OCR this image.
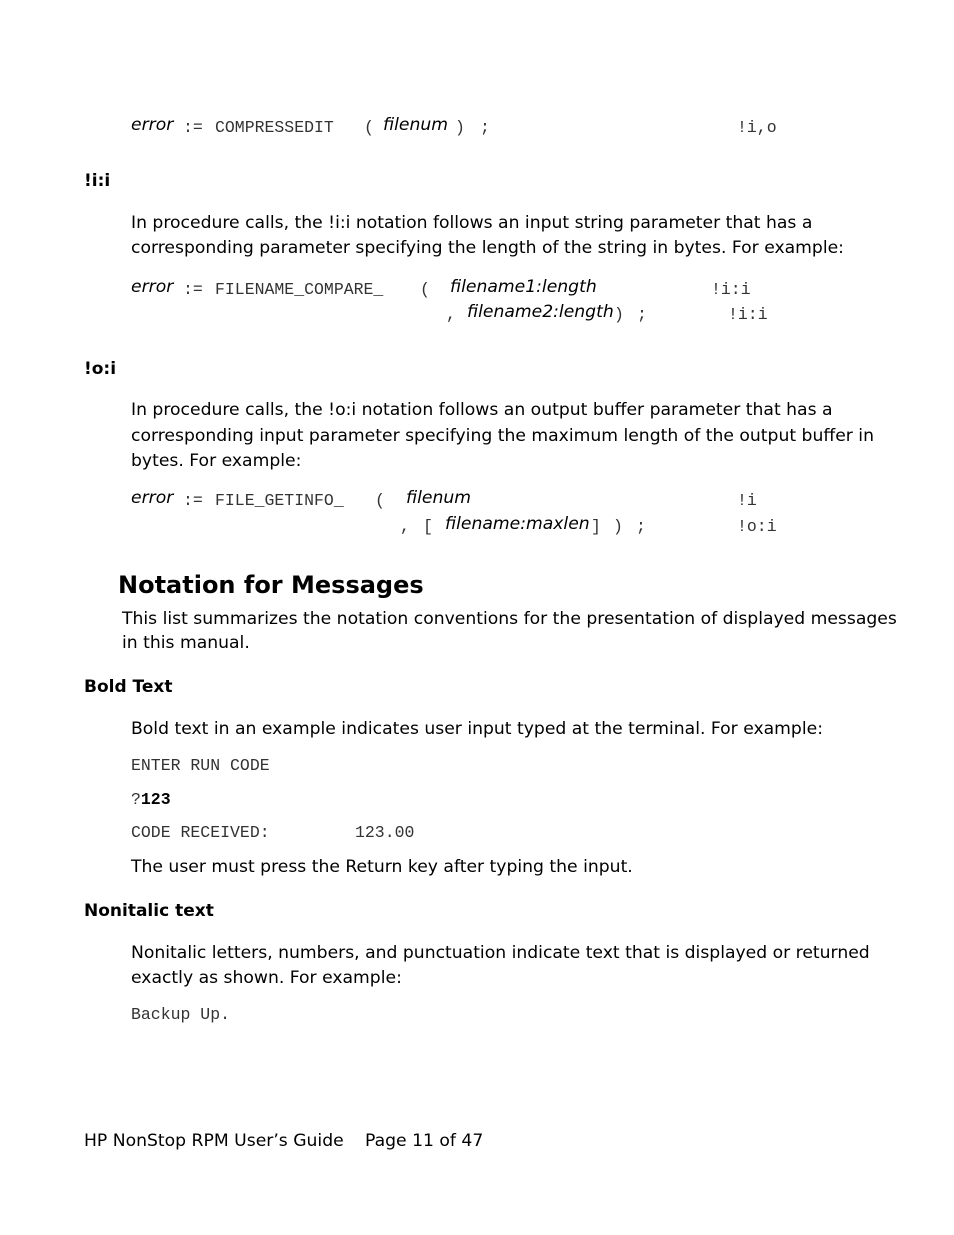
error := COMPRESSEDIT ( filenum ) ;	!i,o
!i:i
In procedure calls, the !i:i notation follows an input string parameter that has a
corresponding parameter specifying the length of the string in bytes. For example:
error := FILENAME_COMPARE_ ( filename1:length	!i:i
, filename2:length ) ;	!i:i
!o:i
In procedure calls, the !o:i notation follows an output buffer parameter that has a
corresponding input parameter specifying the maximum length of the output buffer in
bytes. For example:
error := FILE_GETINFO_ ( filenum	!i
, [ filename:maxlen ] ) ;	!o:i
Notation for Messages
This list summarizes the notation conventions for the presentation of displayed messages
in this manual.
Bold Text
Bold text in an example indicates user input typed at the terminal. For example:
ENTER RUN CODE
?123
CODE RECEIVED:	123.00
The user must press the Return key after typing the input.
Nonitalic text
Nonitalic letters, numbers, and punctuation indicate text that is displayed or returned
exactly as shown. For example:
Backup Up.
HP NonStop RPM User’s Guide Page 11 of 47
